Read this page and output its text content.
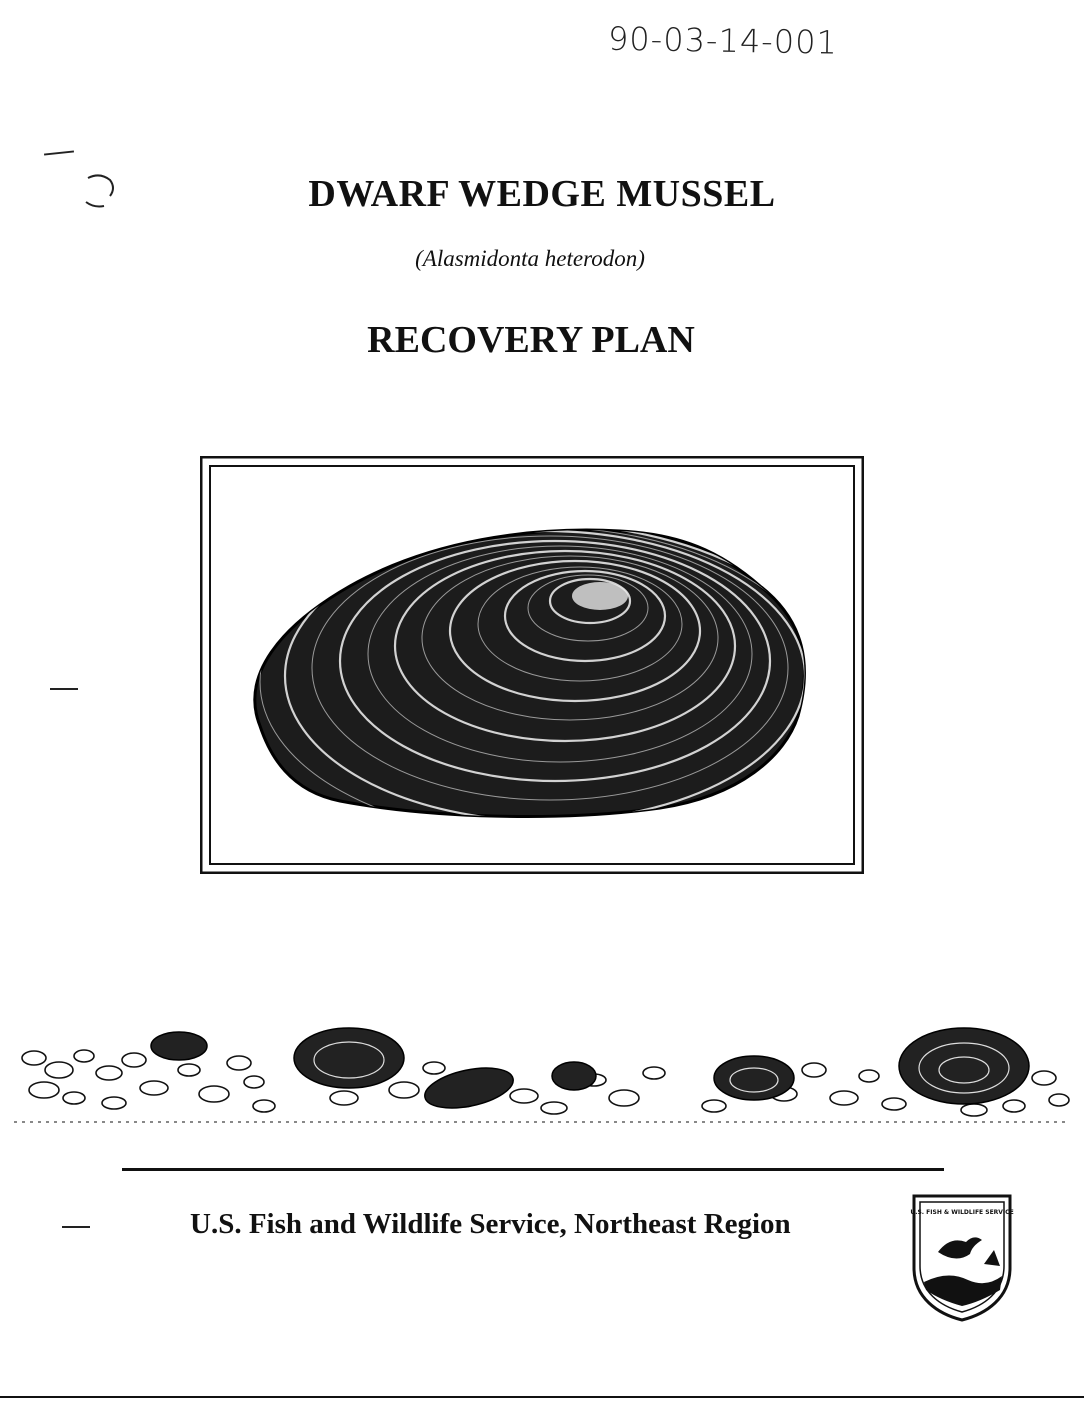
90-03-14-001
DWARF WEDGE MUSSEL
(Alasmidonta heterodon)
RECOVERY PLAN
U.S. Fish and Wildlife Service, Northeast Region	U.S. FISH & WILDLIFE SERVICE
